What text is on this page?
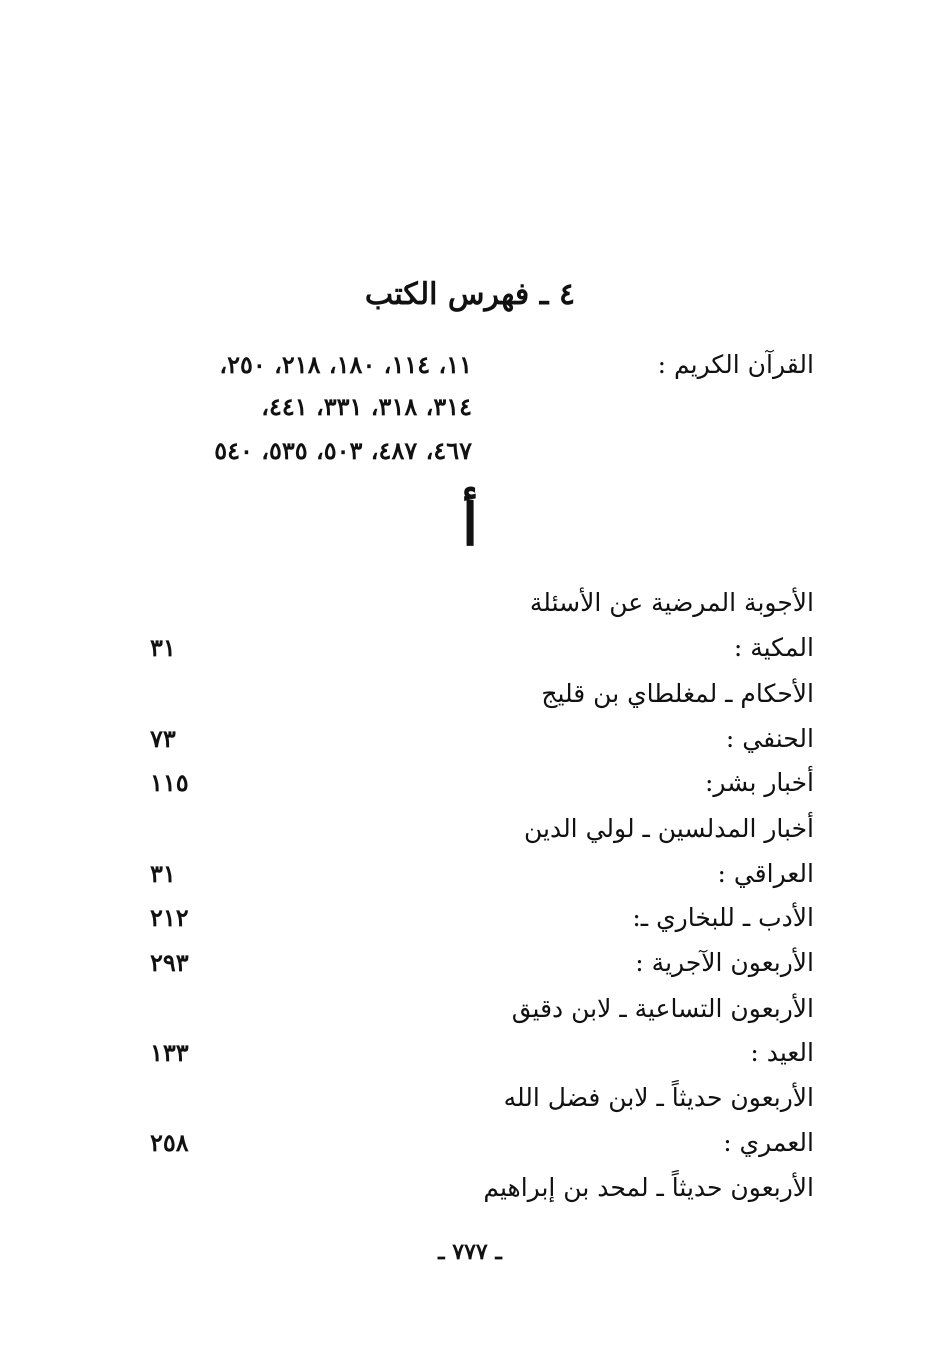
٤ ـ فهرس الكتب
القرآن الكريم :
١١، ١١٤، ١٨٠، ٢١٨، ٢٥٠،
٣١٤، ٣١٨، ٣٣١، ٤٤١،
٤٦٧، ٤٨٧، ٥٠٣، ٥٣٥، ٥٤٠
أ
الأجوبة المرضية عن الأسئلة
المكية :
٣١
الأحكام ـ لمغلطاي بن قليج
الحنفي :
٧٣
أخبار بشر:
١١٥
أخبار المدلسين ـ لولي الدين
العراقي :
٣١
الأدب ـ للبخاري ـ:
٢١٢
الأربعون الآجرية :
٢٩٣
الأربعون التساعية ـ لابن دقيق
العيد :
١٣٣
الأربعون حديثاً ـ لابن فضل الله
العمري :
٢٥٨
الأربعون حديثاً ـ لمحد بن إبراهيم
ـ ٧٧٧ ـ
